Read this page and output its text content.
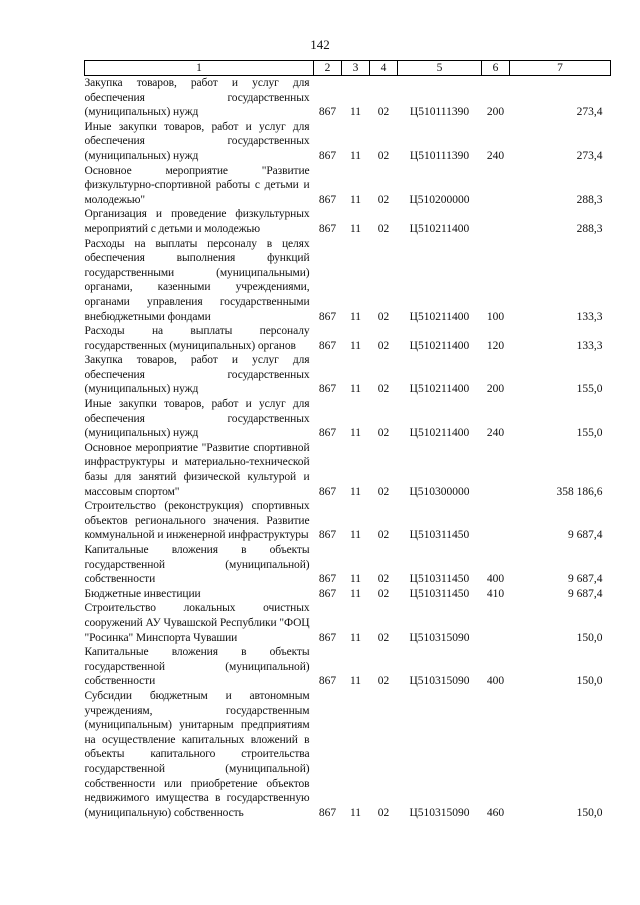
142
1	2	3	4	5	6	7
Закупка товаров, работ и услуг для обеспечения государственных (муниципальных) нужд	867	11	02	Ц510111390	200	273,4
Иные закупки товаров, работ и услуг для обеспечения государственных (муниципальных) нужд	867	11	02	Ц510111390	240	273,4
Основное мероприятие "Развитие физкультурно-спортивной работы с детьми и молодежью"	867	11	02	Ц510200000		288,3
Организация и проведение физкультурных мероприятий с детьми и молодежью	867	11	02	Ц510211400		288,3
Расходы на выплаты персоналу в целях обеспечения выполнения функций государственными (муниципальными) органами, казенными учреждениями, органами управления государственными внебюджетными фондами	867	11	02	Ц510211400	100	133,3
Расходы на выплаты персоналу государственных (муниципальных) органов	867	11	02	Ц510211400	120	133,3
Закупка товаров, работ и услуг для обеспечения государственных (муниципальных) нужд	867	11	02	Ц510211400	200	155,0
Иные закупки товаров, работ и услуг для обеспечения государственных (муниципальных) нужд	867	11	02	Ц510211400	240	155,0
Основное мероприятие "Развитие спортивной инфраструктуры и материально-технической базы для занятий физической культурой и массовым спортом"	867	11	02	Ц510300000		358 186,6
Строительство (реконструкция) спортивных объектов регионального значения. Развитие коммунальной и инженерной инфраструктуры	867	11	02	Ц510311450		9 687,4
Капитальные вложения в объекты государственной (муниципальной) собственности	867	11	02	Ц510311450	400	9 687,4
Бюджетные инвестиции	867	11	02	Ц510311450	410	9 687,4
Строительство локальных очистных сооружений АУ Чувашской Республики "ФОЦ "Росинка" Минспорта Чувашии	867	11	02	Ц510315090		150,0
Капитальные вложения в объекты государственной (муниципальной) собственности	867	11	02	Ц510315090	400	150,0
Субсидии бюджетным и автономным учреждениям, государственным (муниципальным) унитарным предприятиям на осуществление капитальных вложений в объекты капитального строительства государственной (муниципальной) собственности или приобретение объектов недвижимого имущества в государственную (муниципальную) собственность	867	11	02	Ц510315090	460	150,0
